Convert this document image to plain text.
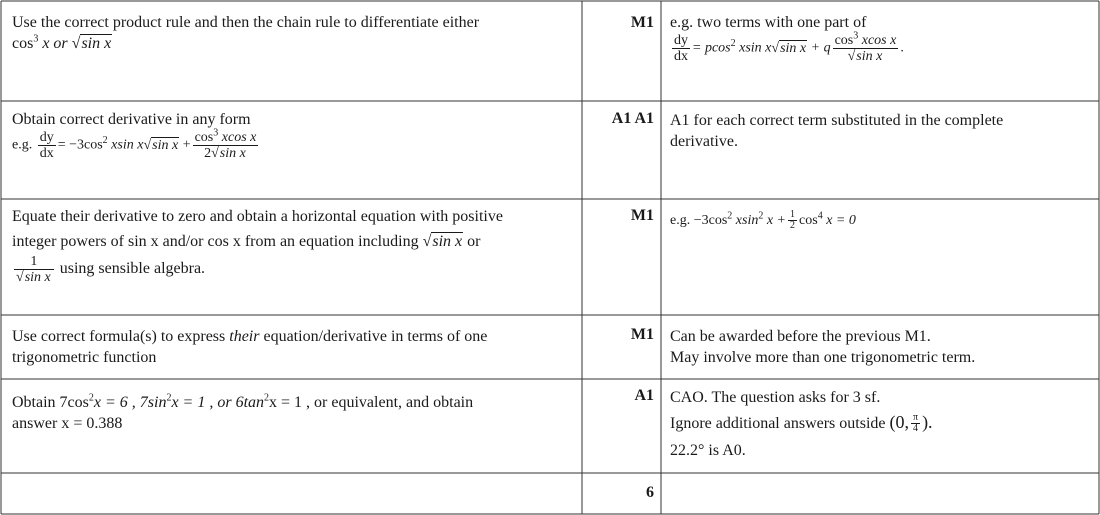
Use the correct product rule and then the chain rule to differentiate either
$\cos^3 x$ or √sin x
M1 e.g. two terms with one part of
$\frac{dy}{dx} = pcos^2$ xsin x√sin x + q $\frac{\cos^3 xcos x}{\text{√sin x}}$ .
Obtain correct derivative in any form
e.g. $\frac{dy}{dx} = -3\cos^2$ xsin x√sin $x + \frac{\cos^3 xcos x}{\text{2√sin x}}$
A1 A1 A1 for each correct term substituted in the complete
derivative.
Equate their derivative to zero and obtain a horizontal equation with positive
integer powers of sin x and/or cos x from an equation including √sin x or
$\frac{1}{\text{√sin x}}$ using sensible algebra.
M1 e.g. $-3\cos^2$ xsin$^2$ $x + \frac{1}{2} \cos^4 x = 0$
Use correct formula(s) to express their equation/derivative in terms of one
trigonometric function
M1 Can be awarded before the previous M1.
May involve more than one trigonometric term.
Obtain $7\cos^2x = 6$ , $7\sin^2x = 1$ , or $6\tan^2x = 1$ , or equivalent, and obtain
answer x = 0.388
A1 CAO. The question asks for 3 sf.
Ignore additional answers outside (0, $\frac{\pi}{4}$ ).
22.2° is A0.
6
